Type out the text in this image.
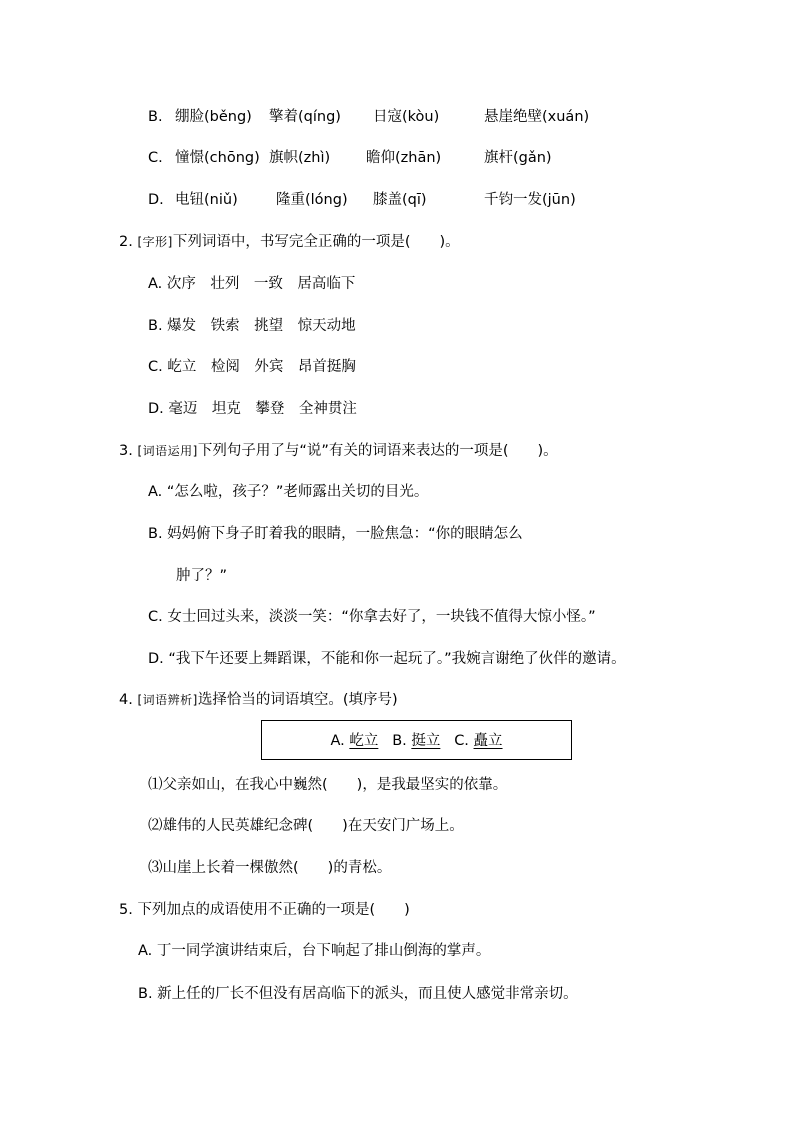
B. 绷脸(běng) 擎着(qíng) 日寇(kòu)	悬崖绝壁(xuán)
C. 憧憬(chōng) 旗帜(zhì) 瞻仰(zhān)	旗杆(gǎn)
D. 电钮(niǔ)	隆重(lóng) 膝盖(qī)	千钧一发(jūn)
2. [字形]下列词语中，书写完全正确的一项是(　　)。
A. 次序　壮列　一致　居高临下
B. 爆发　铁索　挑望　惊天动地
C. 屹立　检阅　外宾　昂首挺胸
D. 毫迈　坦克　攀登　全神贯注
3. [词语运用]下列句子用了与“说”有关的词语来表达的一项是(　　)。
A. “怎么啦，孩子？”老师露出关切的目光。
B. 妈妈俯下身子盯着我的眼睛，一脸焦急：“你的眼睛怎么
肿了？”
C. 女士回过头来，淡淡一笑：“你拿去好了，一块钱不值得大惊小怪。”
D. “我下午还要上舞蹈课，不能和你一起玩了。”我婉言谢绝了伙伴的邀请。
4. [词语辨析]选择恰当的词语填空。(填序号)
A. 屹立 B. 挺立 C. 矗立
⑴父亲如山，在我心中巍然(　　)，是我最坚实的依靠。
⑵雄伟的人民英雄纪念碑(　　)在天安门广场上。
⑶山崖上长着一棵傲然(　　)的青松。
5. 下列加点的成语使用不正确的一项是(　　)
A. 丁一同学演讲结束后，台下响起了排山倒海的掌声。
B. 新上任的厂长不但没有居高临下的派头，而且使人感觉非常亲切。
